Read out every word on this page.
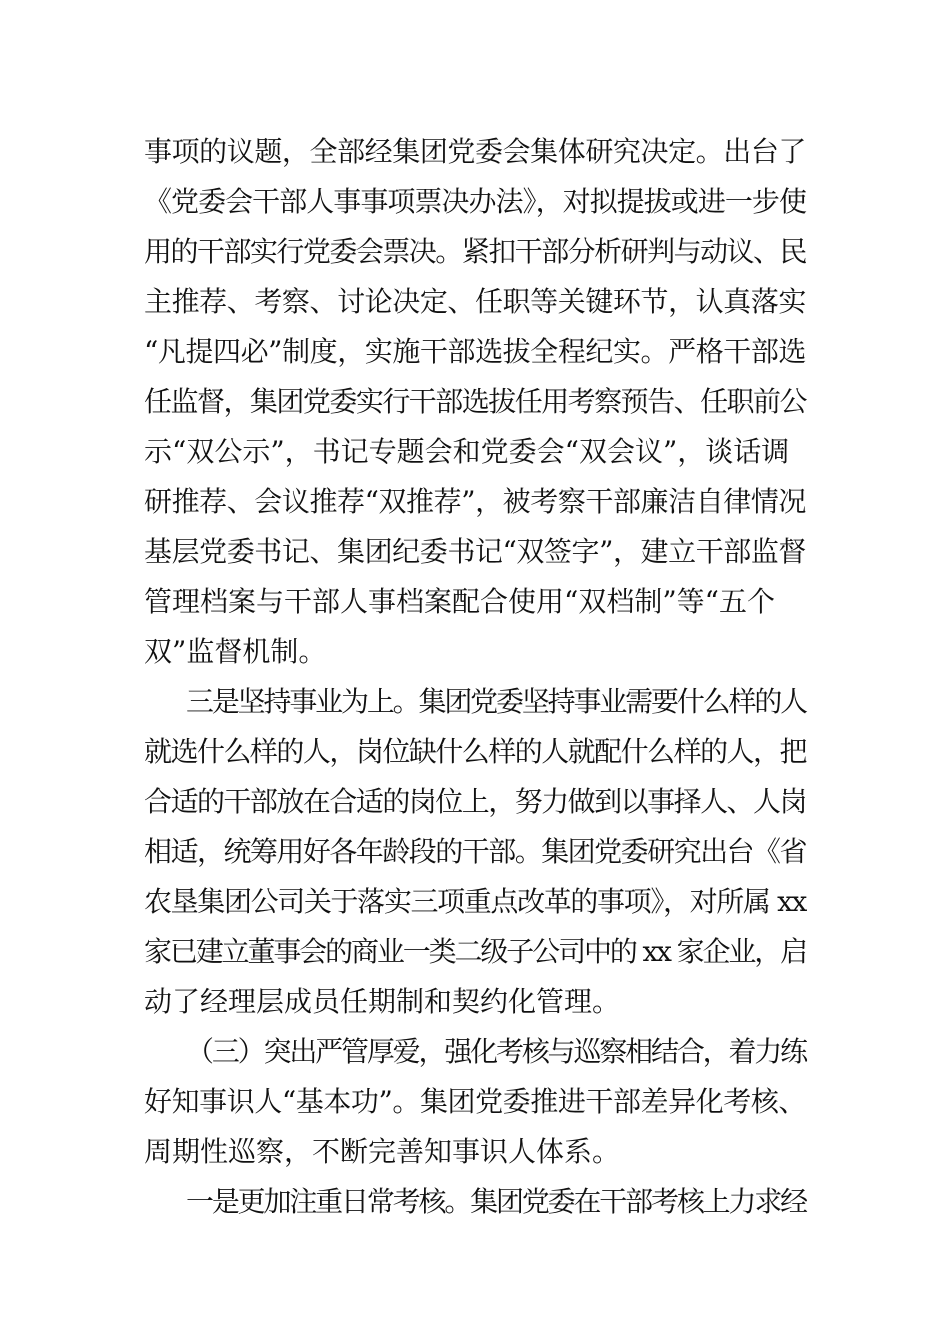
事项的议题，全部经集团党委会集体研究决定。出台了
《党委会干部人事事项票决办法》，对拟提拔或进一步使
用的干部实行党委会票决。紧扣干部分析研判与动议、民
主推荐、考察、讨论决定、任职等关键环节，认真落实
“凡提四必”制度，实施干部选拔全程纪实。严格干部选
任监督，集团党委实行干部选拔任用考察预告、任职前公
示“双公示”，书记专题会和党委会“双会议”，谈话调
研推荐、会议推荐“双推荐”，被考察干部廉洁自律情况
基层党委书记、集团纪委书记“双签字”，建立干部监督
管理档案与干部人事档案配合使用“双档制”等“五个
双”监督机制。
三是坚持事业为上。集团党委坚持事业需要什么样的人
就选什么样的人，岗位缺什么样的人就配什么样的人，把
合适的干部放在合适的岗位上，努力做到以事择人、人岗
相适，统筹用好各年龄段的干部。集团党委研究出台《省
农垦集团公司关于落实三项重点改革的事项》，对所属 xx
家已建立董事会的商业一类二级子公司中的 xx 家企业，启
动了经理层成员任期制和契约化管理。
（三）突出严管厚爱，强化考核与巡察相结合，着力练
好知事识人“基本功”。集团党委推进干部差异化考核、
周期性巡察，不断完善知事识人体系。
一是更加注重日常考核。集团党委在干部考核上力求经
